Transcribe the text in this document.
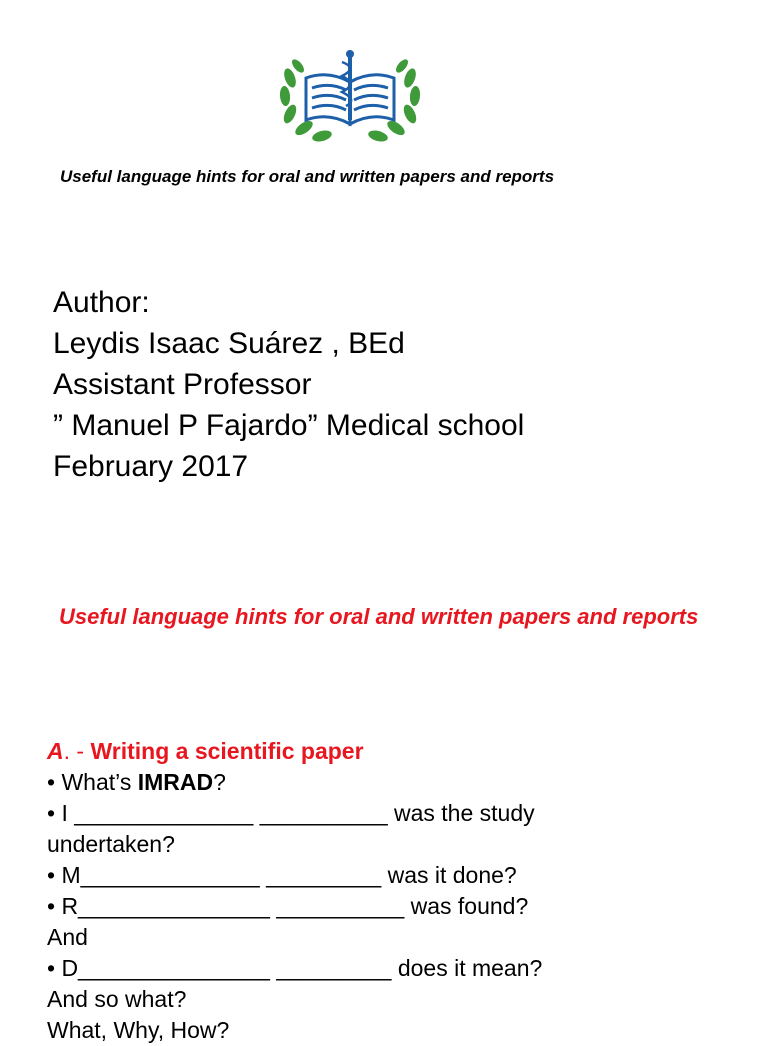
Useful language hints for oral and written papers and reports

Author:
Leydis Isaac Suárez , BEd
Assistant Professor
” Manuel P Fajardo” Medical school
February 2017

Useful language hints for oral and written papers and reports

A. - Writing a scientific paper
• What’s IMRAD?
• I ______________ __________ was the study
undertaken?
• M______________ _________ was it done?
• R_______________ __________ was found?
And
• D_______________ _________ does it mean?
And so what?
What, Why, How?
